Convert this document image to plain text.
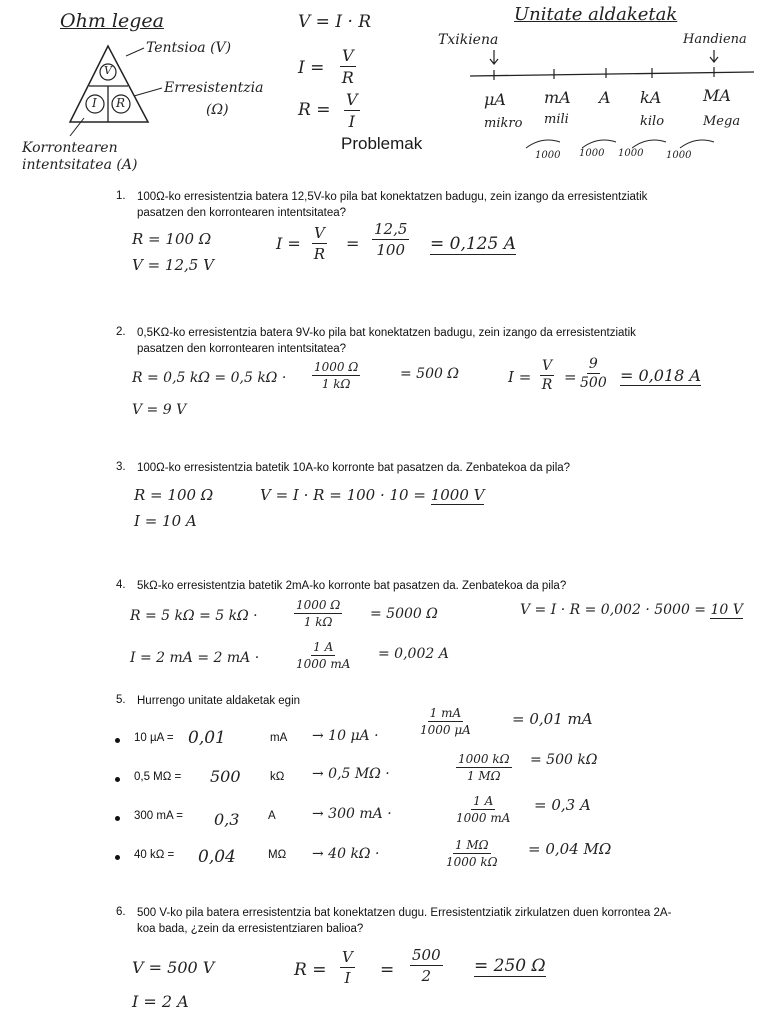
Ohm legea
V
I R
Tentsioa (V)
Erresistentzia
(Ω)
Korrontearen
intentsitatea (A)
V = I · R
$I = \frac{V}{R}$
$R = \frac{V}{I}$
Problemak
Unitate aldaketak
Txikiena	Handiena
μA mA A kA	MA
mikro mili	kilo	Mega
1000 1000 1000 1000
1. 100Ω-ko erresistentzia batera 12,5V-ko pila bat konektatzen badugu, zein izango da erresistentziatik pasatzen den korrontearen intentsitatea?
R = 100 Ω
V = 12,5 V
$I = \frac{V}{R} = \frac{12,5}{100} = 0,125$ A
2. 0,5KΩ-ko erresistentzia batera 9V-ko pila bat konektatzen badugu, zein izango da erresistentziatik pasatzen den korrontearen intentsitatea?
R = 0,5 kΩ = 0,5 $k\Omega \cdot \frac{1000 \Omega}{1 k\Omega}$	= 500 Ω
V = 9 V
$I = \frac{V}{R} = \frac{9}{500} = 0,018$ A
3. 100Ω-ko erresistentzia batetik 10A-ko korronte bat pasatzen da. Zenbatekoa da pila?
R = 100 Ω
I = 10 A
V = I · R = 100 · 10 = 1000 V
4. 5kΩ-ko erresistentzia batetik 2mA-ko korronte bat pasatzen da. Zenbatekoa da pila?
R = 5 kΩ = 5 kΩ ·	$\frac{1000 \Omega}{1 k\Omega} = 5000$ Ω	V = I · R = 0,002 · 5000 = 10 V
I = 2 mA = 2 mA ·	$\frac{1 A}{1000 mA} = 0,002$ A
5. Hurrengo unitate aldaketak egin
10 µA = 0,01	mA → 10 μA ·	$\frac{1 mA}{1000 \mu A}$	= 0,01 mA
0,5 MΩ = 500	kΩ → 0,5 MΩ ·	$\frac{1000 k\Omega}{1 M\Omega} = 500$ kΩ
300 mA = 0,3 A	→ 300 mA ·	$\frac{1 A}{1000 mA} = 0,3$ A
40 kΩ = 0,04	MΩ → 40 kΩ ·	$\frac{1 M\Omega}{1000 k\Omega} = 0,04$ MΩ
6. 500 V-ko pila batera erresistentzia bat konektatzen dugu. Erresistentziatik zirkulatzen duen korrontea 2A-koa bada, ¿zein da erresistentziaren balioa?
V = 500 V
I = 2 A
$R = \frac{V}{I} = \frac{500}{2} = 250$ Ω
